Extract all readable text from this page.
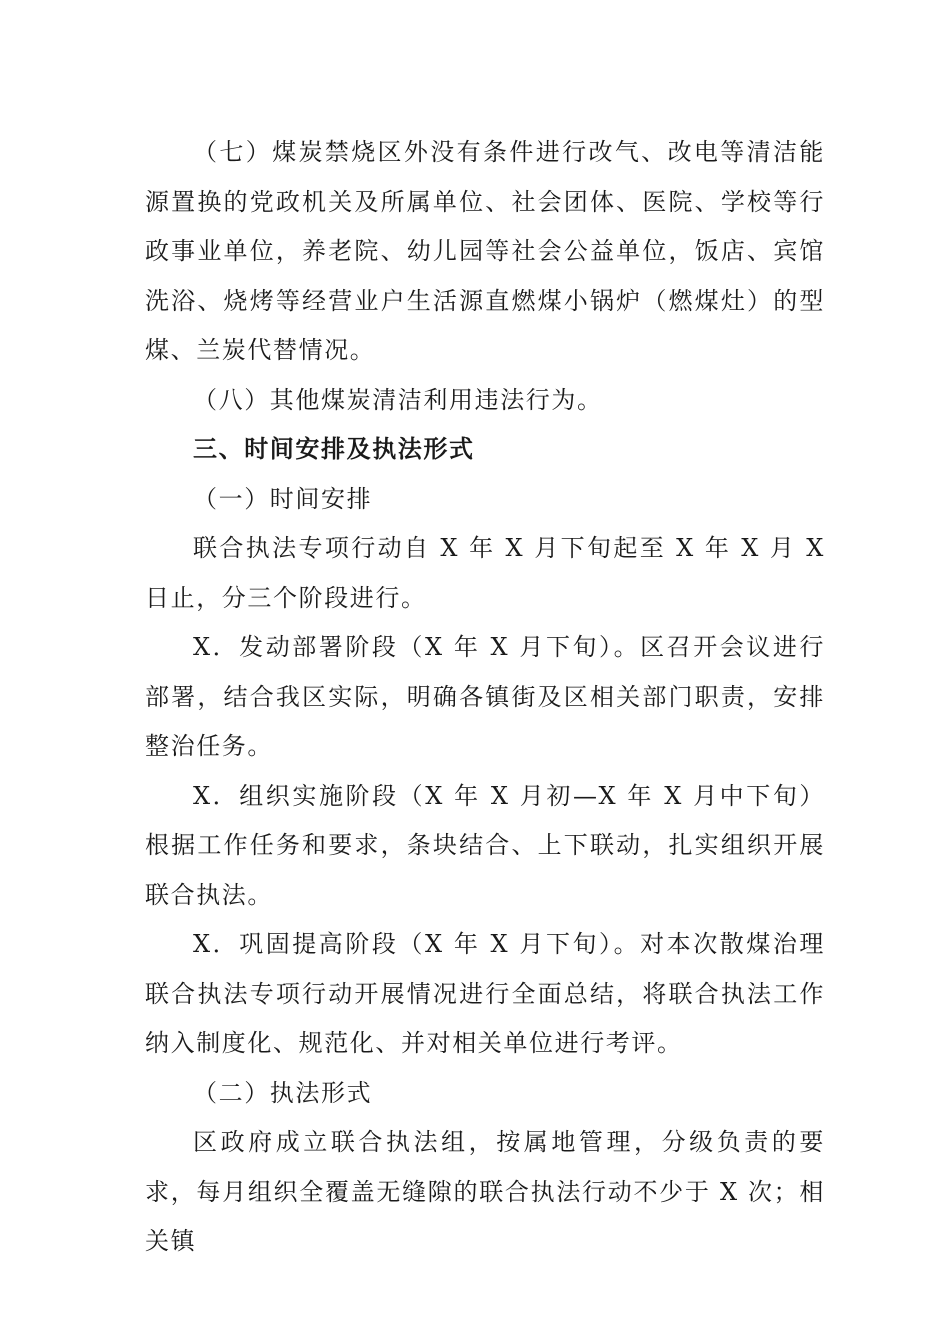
（七）煤炭禁烧区外没有条件进行改气、改电等清洁能源置换的党政机关及所属单位、社会团体、医院、学校等行政事业单位，养老院、幼儿园等社会公益单位，饭店、宾馆洗浴、烧烤等经营业户生活源直燃煤小锅炉（燃煤灶）的型煤、兰炭代替情况。

（八）其他煤炭清洁利用违法行为。

三、时间安排及执法形式

（一）时间安排

联合执法专项行动自 X 年 X 月下旬起至 X 年 X 月 X 日止，分三个阶段进行。

X．发动部署阶段（X 年 X 月下旬）。区召开会议进行部署，结合我区实际，明确各镇街及区相关部门职责，安排整治任务。

X．组织实施阶段（X 年 X 月初—X 年 X 月中下旬）根据工作任务和要求，条块结合、上下联动，扎实组织开展联合执法。

X．巩固提高阶段（X 年 X 月下旬）。对本次散煤治理联合执法专项行动开展情况进行全面总结，将联合执法工作纳入制度化、规范化、并对相关单位进行考评。

（二）执法形式

区政府成立联合执法组，按属地管理，分级负责的要求，每月组织全覆盖无缝隙的联合执法行动不少于 X 次；相关镇
